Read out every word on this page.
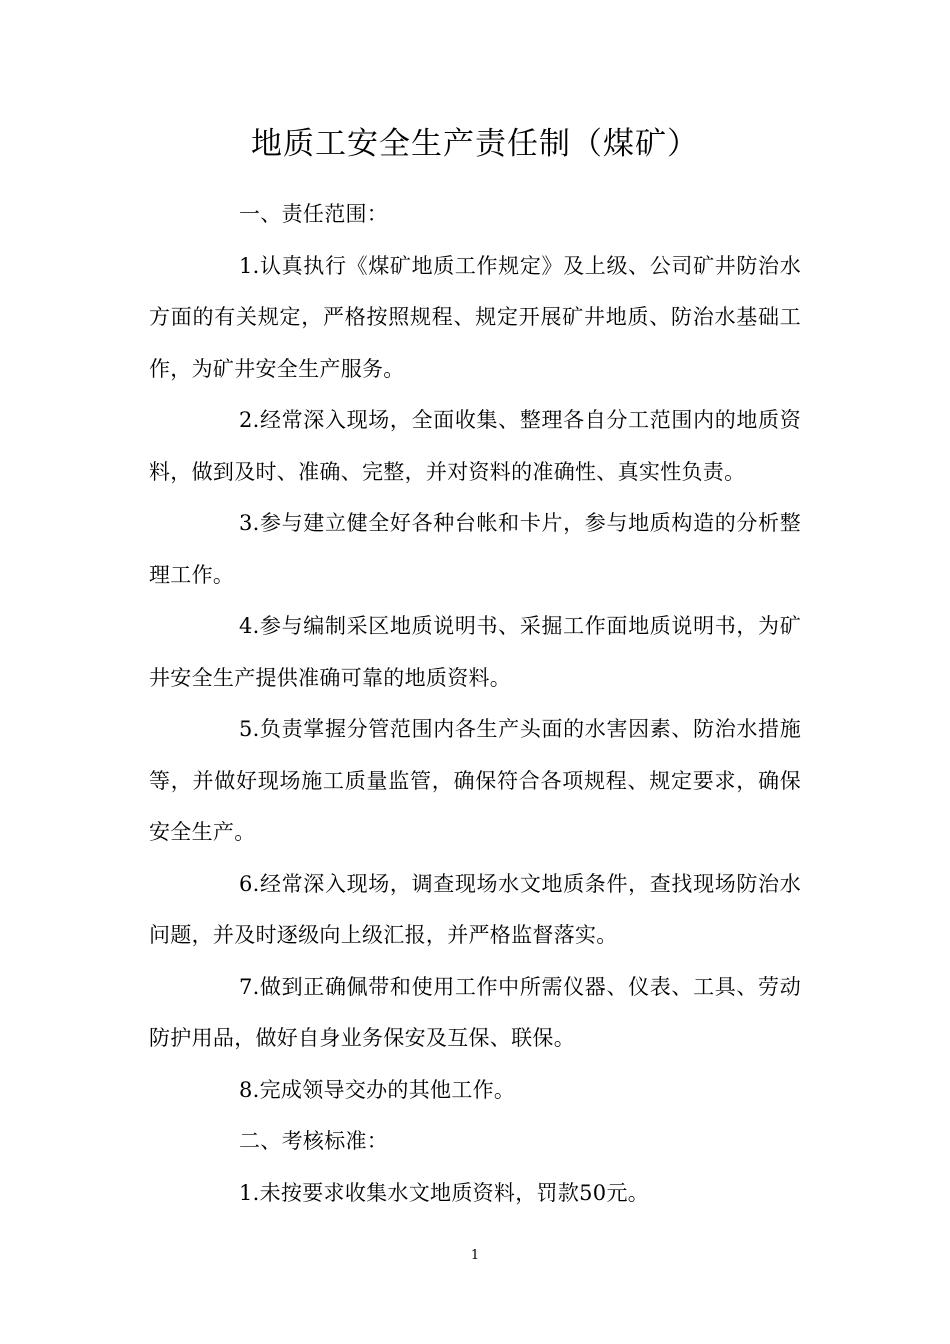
地质工安全生产责任制（煤矿）

一、责任范围：

1.认真执行《煤矿地质工作规定》及上级、公司矿井防治水方面的有关规定，严格按照规程、规定开展矿井地质、防治水基础工作，为矿井安全生产服务。

2.经常深入现场，全面收集、整理各自分工范围内的地质资料，做到及时、准确、完整，并对资料的准确性、真实性负责。

3.参与建立健全好各种台帐和卡片，参与地质构造的分析整理工作。

4.参与编制采区地质说明书、采掘工作面地质说明书，为矿井安全生产提供准确可靠的地质资料。

5.负责掌握分管范围内各生产头面的水害因素、防治水措施等，并做好现场施工质量监管，确保符合各项规程、规定要求，确保安全生产。

6.经常深入现场，调查现场水文地质条件，查找现场防治水问题，并及时逐级向上级汇报，并严格监督落实。

7.做到正确佩带和使用工作中所需仪器、仪表、工具、劳动防护用品，做好自身业务保安及互保、联保。

8.完成领导交办的其他工作。

二、考核标准：

1.未按要求收集水文地质资料，罚款50元。

1
